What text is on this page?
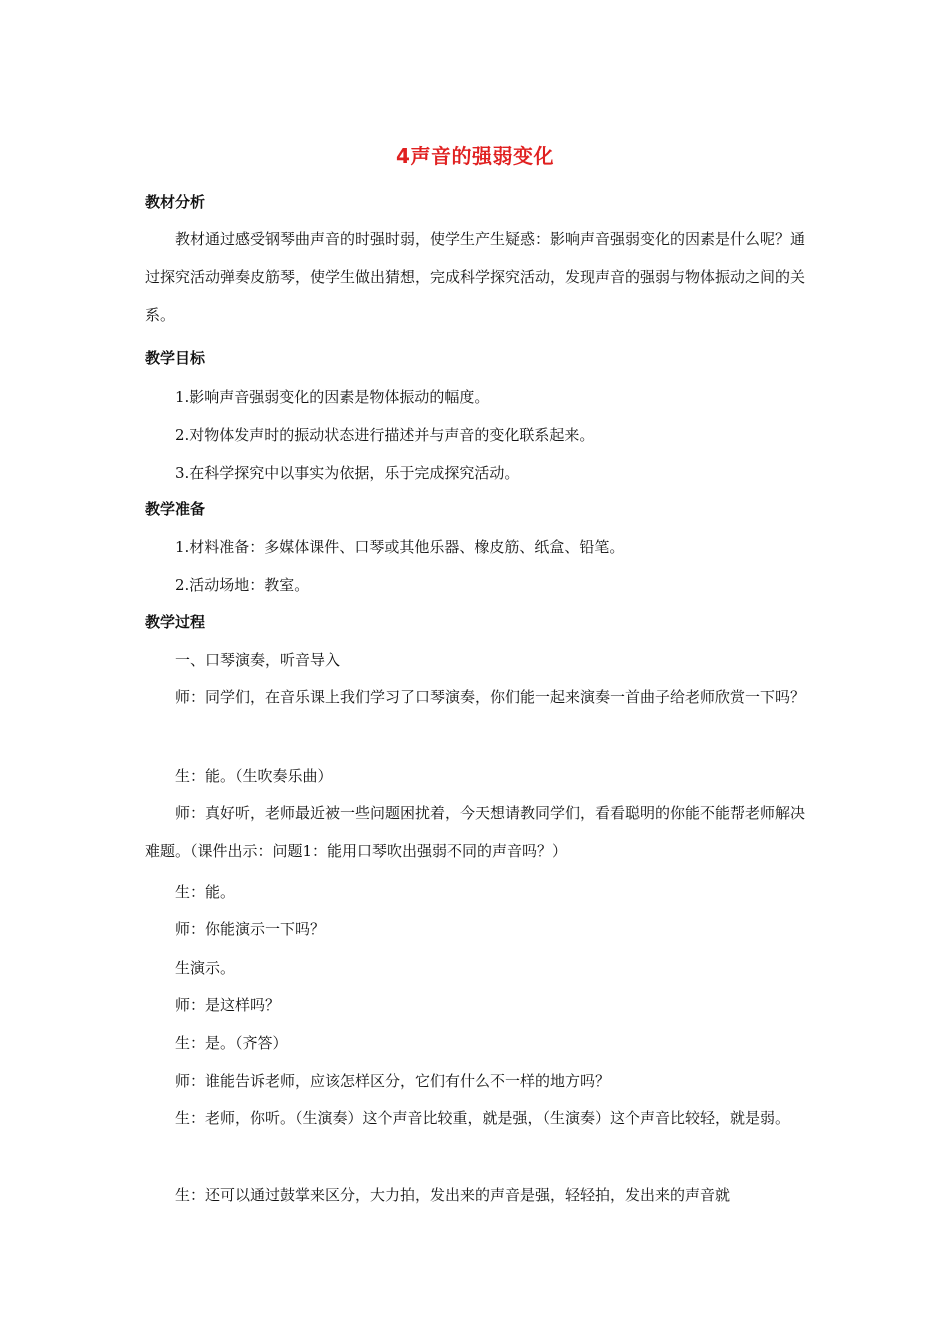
4声音的强弱变化
教材分析
教材通过感受钢琴曲声音的时强时弱，使学生产生疑惑：影响声音强弱变化的因素是什么呢？通过探究活动弹奏皮筋琴，使学生做出猜想，完成科学探究活动，发现声音的强弱与物体振动之间的关系。
教学目标
1.影响声音强弱变化的因素是物体振动的幅度。
2.对物体发声时的振动状态进行描述并与声音的变化联系起来。
3.在科学探究中以事实为依据，乐于完成探究活动。
教学准备
1.材料准备：多媒体课件、口琴或其他乐器、橡皮筋、纸盒、铅笔。
2.活动场地：教室。
教学过程
一、口琴演奏，听音导入
师：同学们，在音乐课上我们学习了口琴演奏，你们能一起来演奏一首曲子给老师欣赏一下吗？
生：能。（生吹奏乐曲）
师：真好听，老师最近被一些问题困扰着，今天想请教同学们，看看聪明的你能不能帮老师解决难题。（课件出示：问题1：能用口琴吹出强弱不同的声音吗？）
生：能。
师：你能演示一下吗？
生演示。
师：是这样吗？
生：是。（齐答）
师：谁能告诉老师，应该怎样区分，它们有什么不一样的地方吗？
生：老师，你听。（生演奏）这个声音比较重，就是强，（生演奏）这个声音比较轻，就是弱。
生：还可以通过鼓掌来区分，大力拍，发出来的声音是强，轻轻拍，发出来的声音就
